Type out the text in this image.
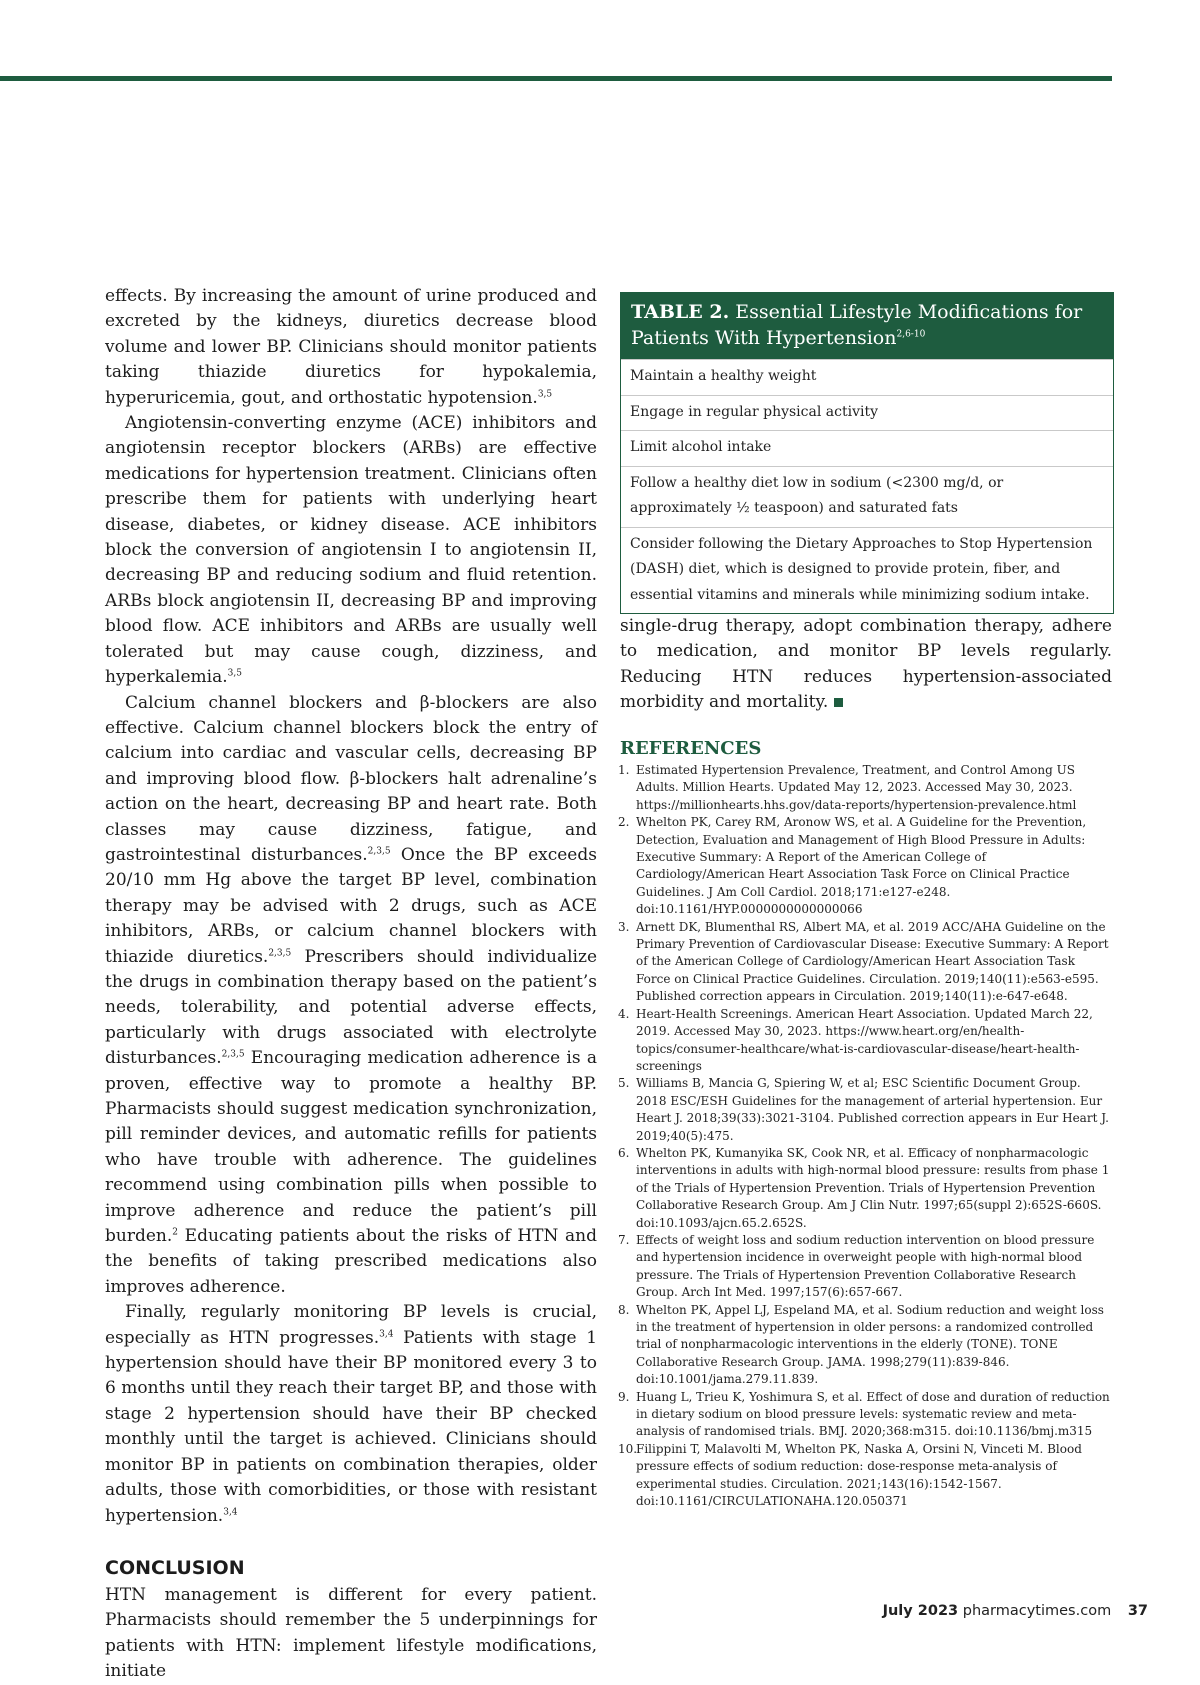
effects. By increasing the amount of urine produced and excreted by the kidneys, diuretics decrease blood volume and lower BP. Clinicians should monitor patients taking thiazide diuretics for hypokalemia, hyperuricemia, gout, and orthostatic hypotension.$^{3,5}$

Angiotensin-converting enzyme (ACE) inhibitors and angiotensin receptor blockers (ARBs) are effective medications for hypertension treatment. Clinicians often prescribe them for patients with underlying heart disease, diabetes, or kidney disease. ACE inhibitors block the conversion of angiotensin I to angiotensin II, decreasing BP and reducing sodium and fluid retention. ARBs block angiotensin II, decreasing BP and improving blood flow. ACE inhibitors and ARBs are usually well tolerated but may cause cough, dizziness, and hyperkalemia.$^{3,5}$

Calcium channel blockers and β-blockers are also effective. Calcium channel blockers block the entry of calcium into cardiac and vascular cells, decreasing BP and improving blood flow. β-blockers halt adrenaline’s action on the heart, decreasing BP and heart rate. Both classes may cause dizziness, fatigue, and gastrointestinal disturbances.$^{2,3,5}$ Once the BP exceeds 20/10 mm Hg above the target BP level, combination therapy may be advised with 2 drugs, such as ACE inhibitors, ARBs, or calcium channel blockers with thiazide diuretics.$^{2,3,5}$ Prescribers should individualize the drugs in combination therapy based on the patient’s needs, tolerability, and potential adverse effects, particularly with drugs associated with electrolyte disturbances.$^{2,3,5}$ Encouraging medication adherence is a proven, effective way to promote a healthy BP. Pharmacists should suggest medication synchronization, pill reminder devices, and automatic refills for patients who have trouble with adherence. The guidelines recommend using combination pills when possible to improve adherence and reduce the patient’s pill burden.$^2$ Educating patients about the risks of HTN and the benefits of taking prescribed medications also improves adherence.

Finally, regularly monitoring BP levels is crucial, especially as HTN progresses.$^{3,4}$ Patients with stage 1 hypertension should have their BP monitored every 3 to 6 months until they reach their target BP, and those with stage 2 hypertension should have their BP checked monthly until the target is achieved. Clinicians should monitor BP in patients on combination therapies, older adults, those with comorbidities, or those with resistant hypertension.$^{3,4}$

CONCLUSION

HTN management is different for every patient. Pharmacists should remember the 5 underpinnings for patients with HTN: implement lifestyle modifications, initiate

TABLE 2. Essential Lifestyle Modifications for Patients With Hypertension$^{2,6-10}$
Maintain a healthy weight
Engage in regular physical activity
Limit alcohol intake
Follow a healthy diet low in sodium (<2300 mg/d, or approximately ½ teaspoon) and saturated fats
Consider following the Dietary Approaches to Stop Hypertension (DASH) diet, which is designed to provide protein, fiber, and essential vitamins and minerals while minimizing sodium intake.

single-drug therapy, adopt combination therapy, adhere to medication, and monitor BP levels regularly. Reducing HTN reduces hypertension-associated morbidity and mortality.

REFERENCES
1. Estimated Hypertension Prevalence, Treatment, and Control Among US Adults. Million Hearts. Updated May 12, 2023. Accessed May 30, 2023. https://millionhearts.hhs.gov/data-reports/hypertension-prevalence.html
2. Whelton PK, Carey RM, Aronow WS, et al. A Guideline for the Prevention, Detection, Evaluation and Management of High Blood Pressure in Adults: Executive Summary: A Report of the American College of Cardiology/American Heart Association Task Force on Clinical Practice Guidelines. J Am Coll Cardiol. 2018;171:e127-e248. doi:10.1161/HYP.0000000000000066
3. Arnett DK, Blumenthal RS, Albert MA, et al. 2019 ACC/AHA Guideline on the Primary Prevention of Cardiovascular Disease: Executive Summary: A Report of the American College of Cardiology/American Heart Association Task Force on Clinical Practice Guidelines. Circulation. 2019;140(11):e563-e595. Published correction appears in Circulation. 2019;140(11):e-647-e648.
4. Heart-Health Screenings. American Heart Association. Updated March 22, 2019. Accessed May 30, 2023. https://www.heart.org/en/health-topics/consumer-healthcare/what-is-cardiovascular-disease/heart-health-screenings
5. Williams B, Mancia G, Spiering W, et al; ESC Scientific Document Group. 2018 ESC/ESH Guidelines for the management of arterial hypertension. Eur Heart J. 2018;39(33):3021-3104. Published correction appears in Eur Heart J. 2019;40(5):475.
6. Whelton PK, Kumanyika SK, Cook NR, et al. Efficacy of nonpharmacologic interventions in adults with high-normal blood pressure: results from phase 1 of the Trials of Hypertension Prevention. Trials of Hypertension Prevention Collaborative Research Group. Am J Clin Nutr. 1997;65(suppl 2):652S-660S. doi:10.1093/ajcn.65.2.652S.
7. Effects of weight loss and sodium reduction intervention on blood pressure and hypertension incidence in overweight people with high-normal blood pressure. The Trials of Hypertension Prevention Collaborative Research Group. Arch Int Med. 1997;157(6):657-667.
8. Whelton PK, Appel LJ, Espeland MA, et al. Sodium reduction and weight loss in the treatment of hypertension in older persons: a randomized controlled trial of nonpharmacologic interventions in the elderly (TONE). TONE Collaborative Research Group. JAMA. 1998;279(11):839-846. doi:10.1001/jama.279.11.839.
9. Huang L, Trieu K, Yoshimura S, et al. Effect of dose and duration of reduction in dietary sodium on blood pressure levels: systematic review and meta-analysis of randomised trials. BMJ. 2020;368:m315. doi:10.1136/bmj.m315
10.
Filippini T, Malavolti M, Whelton PK, Naska A, Orsini N, Vinceti M. Blood pressure effects of sodium reduction: dose-response meta-analysis of experimental studies. Circulation. 2021;143(16):1542-1567. doi:10.1161/CIRCULATIONAHA.120.050371
July 2023 pharmacytimes.com 37
